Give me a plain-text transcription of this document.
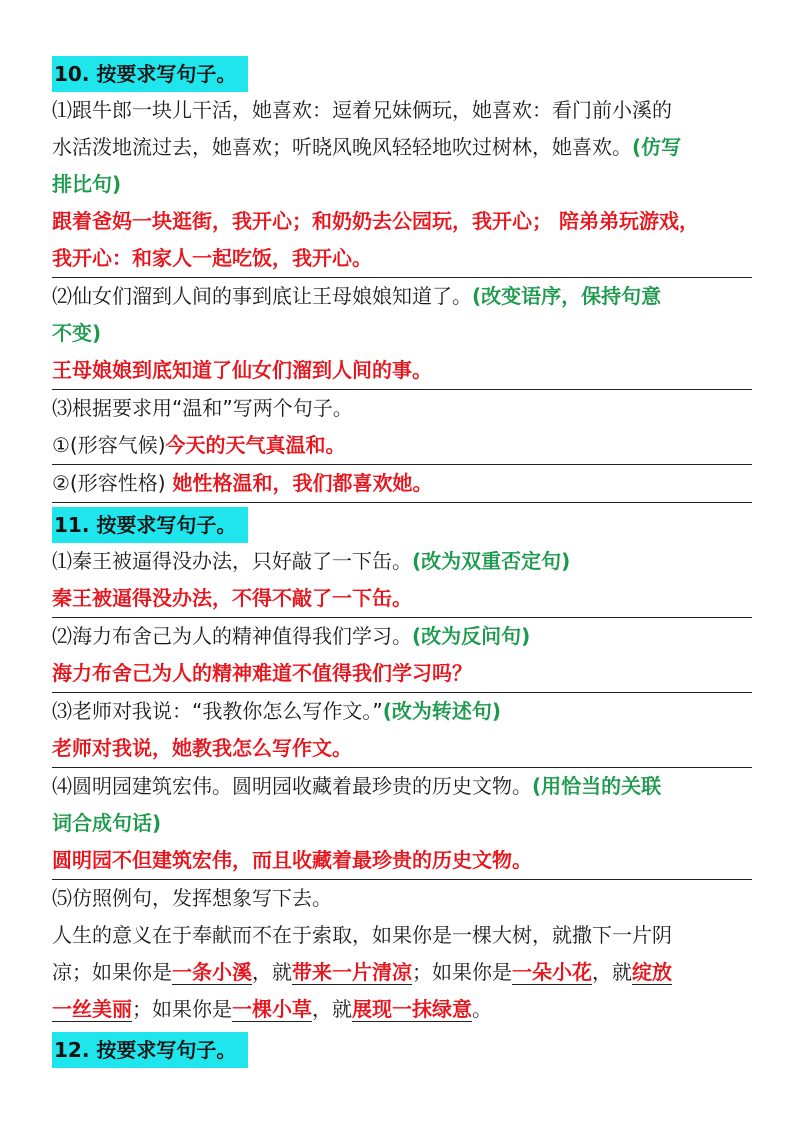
10. 按要求写句子。

⑴跟牛郎一块儿干活，她喜欢：逗着兄妹俩玩，她喜欢：看门前小溪的

水活泼地流过去，她喜欢；听晓风晚风轻轻地吹过树林，她喜欢。(仿写

排比句)

跟着爸妈一块逛街，我开心；和奶奶去公园玩，我开心； 陪弟弟玩游戏，

我开心：和家人一起吃饭，我开心。

⑵仙女们溜到人间的事到底让王母娘娘知道了。(改变语序，保持句意

不变)

王母娘娘到底知道了仙女们溜到人间的事。

⑶根据要求用“温和”写两个句子。

①(形容气候)今天的天气真温和。

②(形容性格) 她性格温和，我们都喜欢她。

11. 按要求写句子。

⑴秦王被逼得没办法，只好敲了一下缶。(改为双重否定句)

秦王被逼得没办法，不得不敲了一下缶。

⑵海力布舍己为人的精神值得我们学习。(改为反问句)

海力布舍己为人的精神难道不值得我们学习吗？

⑶老师对我说：“我教你怎么写作文。”(改为转述句)

老师对我说，她教我怎么写作文。

⑷圆明园建筑宏伟。圆明园收藏着最珍贵的历史文物。(用恰当的关联

词合成句话)

圆明园不但建筑宏伟，而且收藏着最珍贵的历史文物。

⑸仿照例句，发挥想象写下去。

人生的意义在于奉献而不在于索取，如果你是一棵大树，就撒下一片阴

凉；如果你是一条小溪，就带来一片清凉；如果你是一朵小花，就绽放

一丝美丽；如果你是一棵小草，就展现一抹绿意。

12. 按要求写句子。
